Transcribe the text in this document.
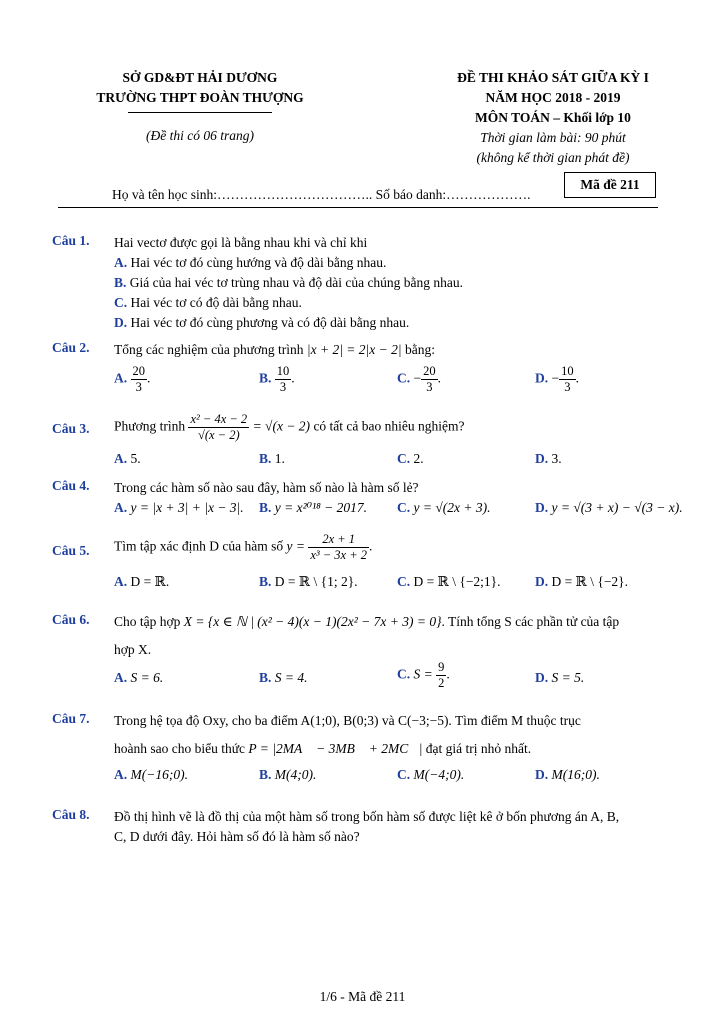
SỞ GD&ĐT HẢI DƯƠNG
TRƯỜNG THPT ĐOÀN THƯỢNG
(Đề thi có 06 trang)
ĐỀ THI KHẢO SÁT GIỮA KỲ I
NĂM HỌC 2018 - 2019
MÔN TOÁN – Khối lớp 10
Thời gian làm bài: 90 phút
(không kể thời gian phát đề)
Mã đề 211
Họ và tên học sinh:…………………………….. Số báo danh:……………….
Câu 1. Hai vectơ được gọi là bằng nhau khi và chỉ khi
A. Hai véc tơ đó cùng hướng và độ dài bằng nhau.
B. Giá của hai véc tơ trùng nhau và độ dài của chúng bằng nhau.
C. Hai véc tơ có độ dài bằng nhau.
D. Hai véc tơ đó cùng phương và có độ dài bằng nhau.
Câu 2. Tổng các nghiệm của phương trình |x + 2| = 2|x − 2| bằng:
A. $\frac{20}{3}$ .	B. $\frac{10}{3}$ .	C. − $\frac{20}{3}$ .	D. − $\frac{10}{3}$ .
Câu 3. Phương trình $\frac{\text{x² − 4x − 2}}{√(x - 2)} = √(x - 2)$ có tất cả bao nhiêu nghiệm?
A. 5.	B. 1.	C. 2.	D. 3.
Câu 4. Trong các hàm số nào sau đây, hàm số nào là hàm số lẻ?
A. y = |x + 3| + |x − 3|. B. y = x²⁰¹⁸ − 2017. C. y = √(2x + 3).	D. y = √(3 + x) − √(3 − x).
Câu 5. Tìm tập xác định D của hàm số $y = \frac{2x + 1}{\text{x³ − 3x + 2}}$ .
A. D = ℝ.	B. D = ℝ \ {1; 2}.	C. D = ℝ \ {−2;1}.	D. D = ℝ \ {−2}.
Câu 6. Cho tập hợp X = {x ∈ ℕ | (x² − 4)(x − 1)(2x² − 7x + 3) = 0}. Tính tổng S các phần tử của tập
hợp X.
A. S = 6.	B. S = 4.	C. $S = \frac{9}{2}$ .	D. S = 5.
Câu 7. Trong hệ tọa độ Oxy, cho ba điểm A(1;0), B(0;3) và C(−3;−5). Tìm điểm M thuộc trục
hoành sao cho biểu thức P = |2MA⃗ − 3MB⃗ + 2MC⃗| đạt giá trị nhỏ nhất.
A. M(−16;0).	B. M(4;0).	C. M(−4;0).	D. M(16;0).
Câu 8. Đồ thị hình vẽ là đồ thị của một hàm số trong bốn hàm số được liệt kê ở bốn phương án A, B,
C, D dưới đây. Hỏi hàm số đó là hàm số nào?
1/6 - Mã đề 211
